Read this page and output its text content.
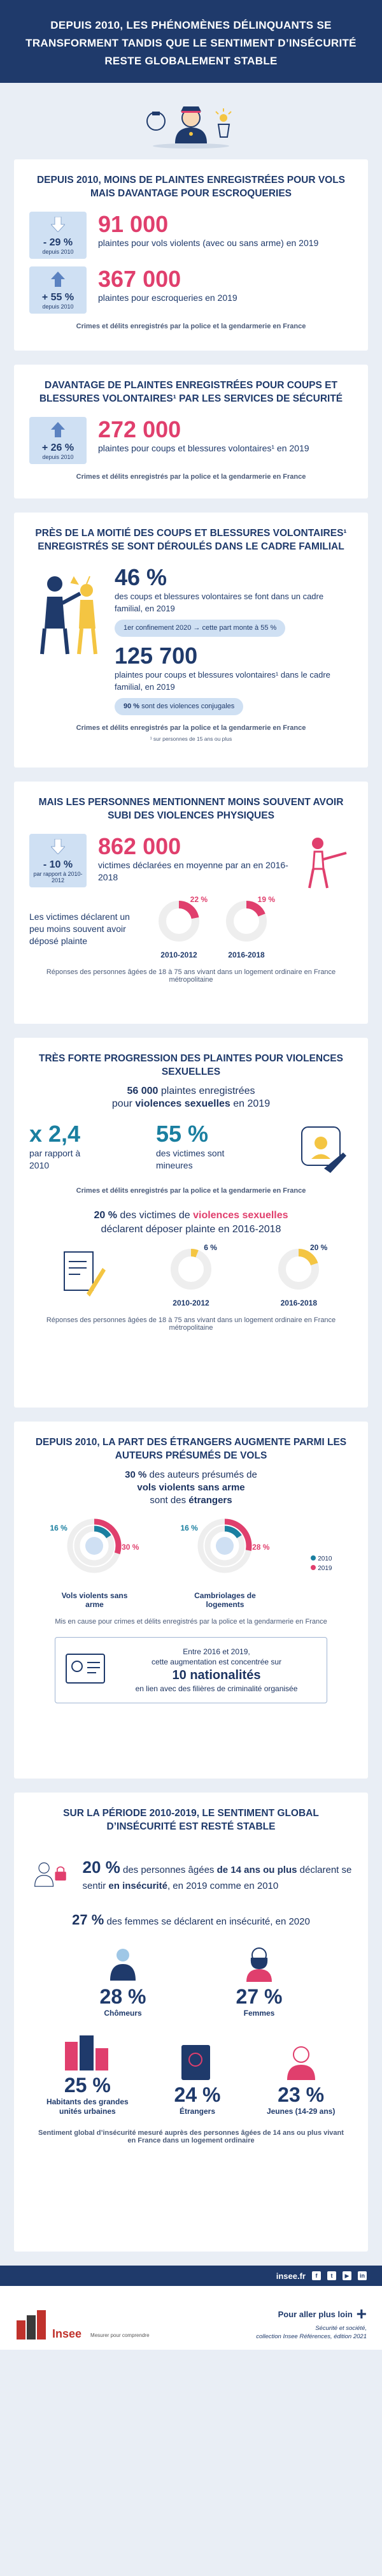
DEPUIS 2010, LES PHÉNOMÈNES DÉLINQUANTS SE TRANSFORMENT TANDIS QUE LE SENTIMENT D’INSÉCURITÉ RESTE GLOBALEMENT STABLE
DEPUIS 2010, MOINS DE PLAINTES ENREGISTRÉES POUR VOLS MAIS DAVANTAGE POUR ESCROQUERIES
- 29 %
depuis 2010
91 000
plaintes pour vols violents (avec ou sans arme) en 2019
+ 55 %
depuis 2010
367 000
plaintes pour escroqueries en 2019
Crimes et délits enregistrés par la police et la gendarmerie en France
DAVANTAGE DE PLAINTES ENREGISTRÉES POUR COUPS ET BLESSURES VOLONTAIRES¹ PAR LES SERVICES DE SÉCURITÉ
+ 26 %
depuis 2010
272 000
plaintes pour coups et blessures volontaires¹ en 2019
Crimes et délits enregistrés par la police et la gendarmerie en France
PRÈS DE LA MOITIÉ DES COUPS ET BLESSURES VOLONTAIRES¹ ENREGISTRÉS SE SONT DÉROULÉS DANS LE CADRE FAMILIAL
46 %
des coups et blessures volontaires se font dans un cadre familial, en 2019
1er confinement 2020 → cette part monte à 55 %
125 700
plaintes pour coups et blessures volontaires¹ dans le cadre familial, en 2019
90 % sont des violences conjugales
Crimes et délits enregistrés par la police et la gendarmerie en France
¹ sur personnes de 15 ans ou plus
MAIS LES PERSONNES MENTIONNENT MOINS SOUVENT AVOIR SUBI DES VIOLENCES PHYSIQUES
- 10 %
par rapport à 2010-2012
862 000
victimes déclarées en moyenne par an en 2016-2018
Les victimes déclarent un peu moins souvent avoir déposé plainte
22 %
2010-2012
19 %
2016-2018
Réponses des personnes âgées de 18 à 75 ans vivant dans un logement ordinaire en France métropolitaine
TRÈS FORTE PROGRESSION DES PLAINTES POUR VIOLENCES SEXUELLES
56 000 plaintes enregistrées
pour violences sexuelles en 2019
x 2,4
par rapport à 2010
55 %
des victimes sont mineures
Crimes et délits enregistrés par la police et la gendarmerie en France
20 % des victimes de violences sexuelles
déclarent déposer plainte en 2016-2018
6 %
2010-2012
20 %
2016-2018
Réponses des personnes âgées de 18 à 75 ans vivant dans un logement ordinaire en France métropolitaine
DEPUIS 2010, LA PART DES ÉTRANGERS AUGMENTE PARMI LES AUTEURS PRÉSUMÉS DE VOLS
30 % des auteurs présumés de
vols violents sans arme
sont des étrangers
16 %
30 %
Vols violents sans arme
16 %
28 %
Cambriolages de logements
2010
2019
Mis en cause pour crimes et délits enregistrés par la police et la gendarmerie en France
Entre 2016 et 2019,
cette augmentation est concentrée sur
10 nationalités
en lien avec des filières de criminalité organisée
SUR LA PÉRIODE 2010-2019, LE SENTIMENT GLOBAL D’INSÉCURITÉ EST RESTÉ STABLE
20 % des personnes âgées de 14 ans ou plus déclarent se sentir en insécurité, en 2019 comme en 2010
27 % des femmes se déclarent en insécurité, en 2020
28 %
Chômeurs
27 %
Femmes
25 %
Habitants des grandes unités urbaines
24 %
Étrangers
23 %
Jeunes (14-29 ans)
Sentiment global d’insécurité mesuré auprès des personnes âgées de 14 ans ou plus vivant en France dans un logement ordinaire
insee.fr	f	t	▶	in
Insee Mesurer pour comprendre
Pour aller plus loin +
Sécurité et société,
collection Insee Références, édition 2021
